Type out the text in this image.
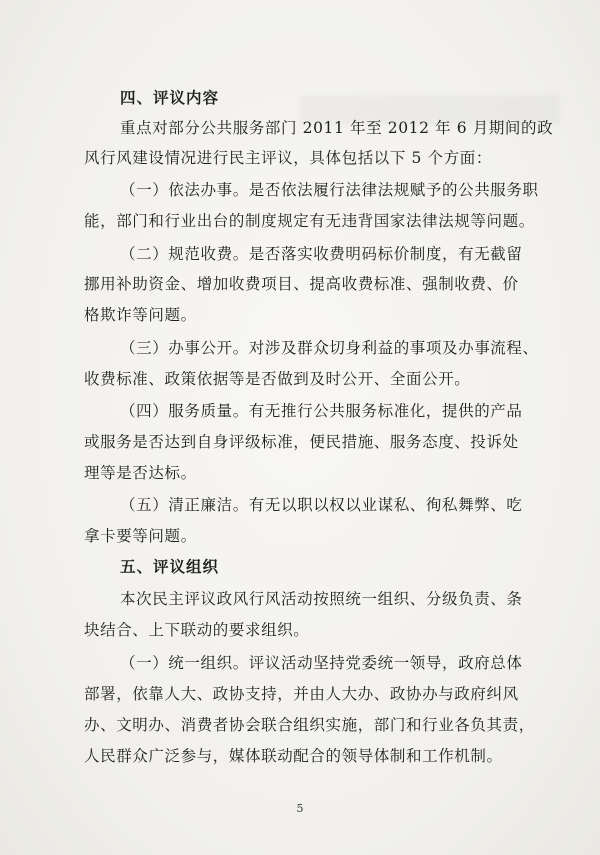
四、评议内容
重点对部分公共服务部门 2011 年至 2012 年 6 月期间的政
风行风建设情况进行民主评议，具体包括以下 5 个方面：
（一）依法办事。是否依法履行法律法规赋予的公共服务职
能，部门和行业出台的制度规定有无违背国家法律法规等问题。
（二）规范收费。是否落实收费明码标价制度，有无截留
挪用补助资金、增加收费项目、提高收费标准、强制收费、价
格欺诈等问题。
（三）办事公开。对涉及群众切身利益的事项及办事流程、
收费标准、政策依据等是否做到及时公开、全面公开。
（四）服务质量。有无推行公共服务标准化，提供的产品
或服务是否达到自身评级标准，便民措施、服务态度、投诉处
理等是否达标。
（五）清正廉洁。有无以职以权以业谋私、徇私舞弊、吃
拿卡要等问题。
五、评议组织
本次民主评议政风行风活动按照统一组织、分级负责、条
块结合、上下联动的要求组织。
（一）统一组织。评议活动坚持党委统一领导，政府总体
部署，依靠人大、政协支持，并由人大办、政协办与政府纠风
办、文明办、消费者协会联合组织实施，部门和行业各负其责，
人民群众广泛参与，媒体联动配合的领导体制和工作机制。
5
